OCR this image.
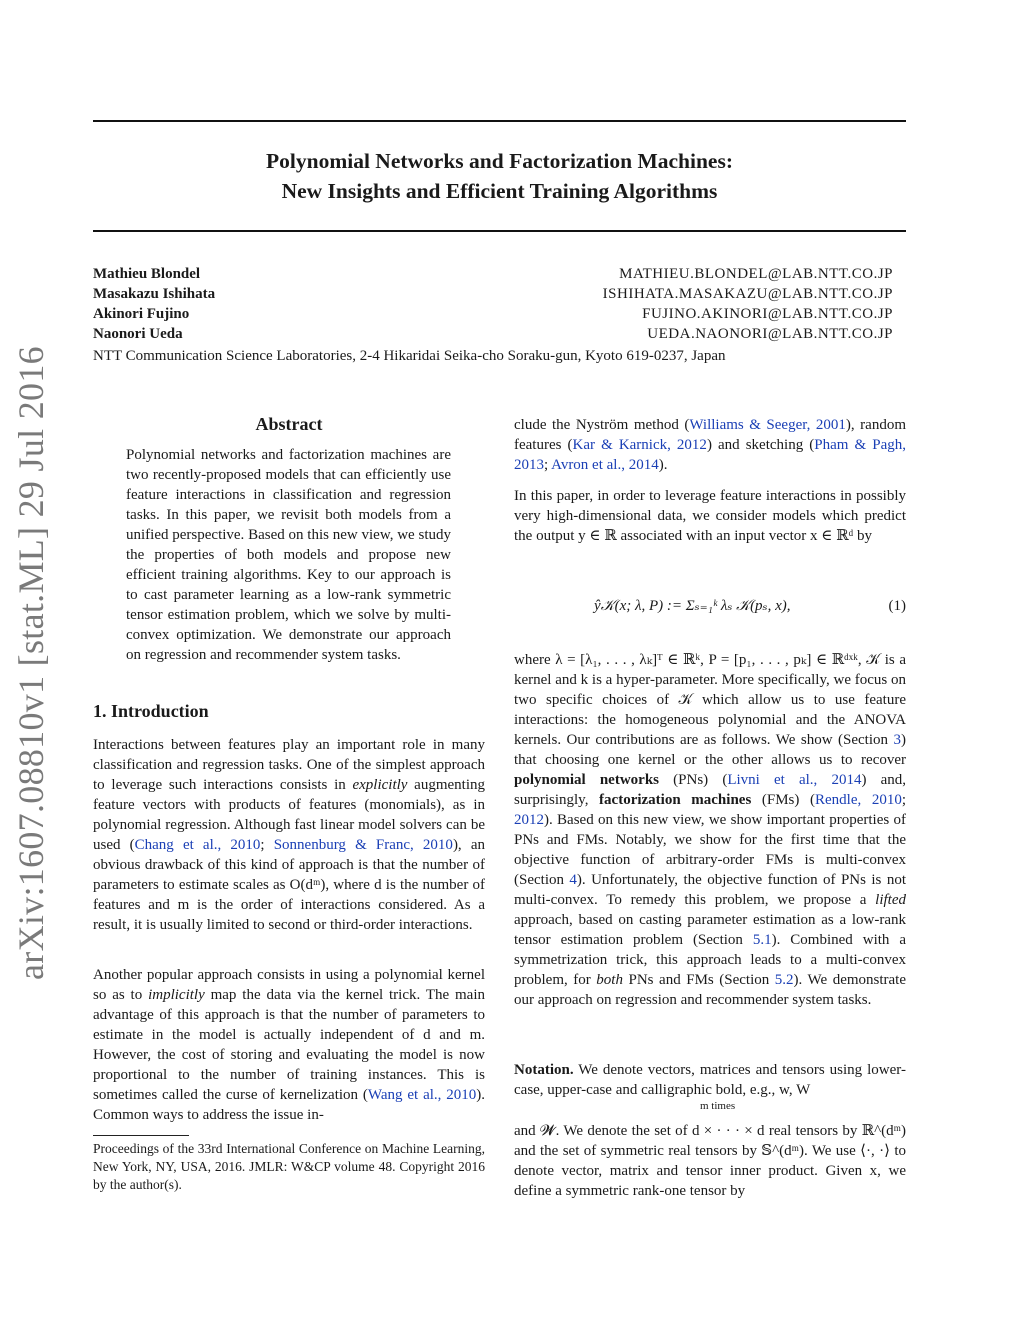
Polynomial Networks and Factorization Machines:
New Insights and Efficient Training Algorithms
Mathieu Blondel	MATHIEU.BLONDEL@LAB.NTT.CO.JP
Masakazu Ishihata	ISHIHATA.MASAKAZU@LAB.NTT.CO.JP
Akinori Fujino	FUJINO.AKINORI@LAB.NTT.CO.JP
Naonori Ueda	UEDA.NAONORI@LAB.NTT.CO.JP
NTT Communication Science Laboratories, 2-4 Hikaridai Seika-cho Soraku-gun, Kyoto 619-0237, Japan
arXiv:1607.08810v1 [stat.ML] 29 Jul 2016	Abstract

Polynomial networks and factorization machines are two recently-proposed models that can efficiently use feature interactions in classification and regression tasks. In this paper, we revisit both models from a unified perspective. Based on this new view, we study the properties of both models and propose new efficient training algorithms. Key to our approach is to cast parameter learning as a low-rank symmetric tensor estimation problem, which we solve by multi-convex optimization. We demonstrate our approach on regression and recommender system tasks.

1. Introduction

Interactions between features play an important role in many classification and regression tasks. One of the simplest approach to leverage such interactions consists in explicitly augmenting feature vectors with products of features (monomials), as in polynomial regression. Although fast linear model solvers can be used (Chang et al., 2010; Sonnenburg & Franc, 2010), an obvious drawback of this kind of approach is that the number of parameters to estimate scales as O(dᵐ), where d is the number of features and m is the order of interactions considered. As a result, it is usually limited to second or third-order interactions.

Another popular approach consists in using a polynomial kernel so as to implicitly map the data via the kernel trick. The main advantage of this approach is that the number of parameters to estimate in the model is actually independent of d and m. However, the cost of storing and evaluating the model is now proportional to the number of training instances. This is sometimes called the curse of kernelization (Wang et al., 2010). Common ways to address the issue in-

Proceedings of the 33rd International Conference on Machine Learning, New York, NY, USA, 2016. JMLR: W&CP volume 48. Copyright 2016 by the author(s).

clude the Nyström method (Williams & Seeger, 2001), random features (Kar & Karnick, 2012) and sketching (Pham & Pagh, 2013; Avron et al., 2014).

In this paper, in order to leverage feature interactions in possibly very high-dimensional data, we consider models which predict the output y ∈ ℝ associated with an input vector x ∈ ℝᵈ by

ŷ𝒦(x; λ, P) := Σₛ₌₁ᵏ λₛ 𝒦(pₛ, x),	(1)

where λ = [λ₁, . . . , λₖ]ᵀ ∈ ℝᵏ, P = [p₁, . . . , pₖ] ∈ ℝᵈˣᵏ, 𝒦 is a kernel and k is a hyper-parameter. More specifically, we focus on two specific choices of 𝒦 which allow us to use feature interactions: the homogeneous polynomial and the ANOVA kernels. Our contributions are as follows. We show (Section 3) that choosing one kernel or the other allows us to recover polynomial networks (PNs) (Livni et al., 2014) and, surprisingly, factorization machines (FMs) (Rendle, 2010; 2012). Based on this new view, we show important properties of PNs and FMs. Notably, we show for the first time that the objective function of arbitrary-order FMs is multi-convex (Section 4). Unfortunately, the objective function of PNs is not multi-convex. To remedy this problem, we propose a lifted approach, based on casting parameter estimation as a low-rank tensor estimation problem (Section 5.1). Combined with a symmetrization trick, this approach leads to a multi-convex problem, for both PNs and FMs (Section 5.2). We demonstrate our approach on regression and recommender system tasks.

Notation. We denote vectors, matrices and tensors using lower-case, upper-case and calligraphic bold, e.g., w, W

m times

and 𝓦. We denote the set of d × · · · × d real tensors by ℝ^(dᵐ) and the set of symmetric real tensors by 𝕊^(dᵐ). We use ⟨·, ·⟩ to denote vector, matrix and tensor inner product. Given x, we define a symmetric rank-one tensor by
